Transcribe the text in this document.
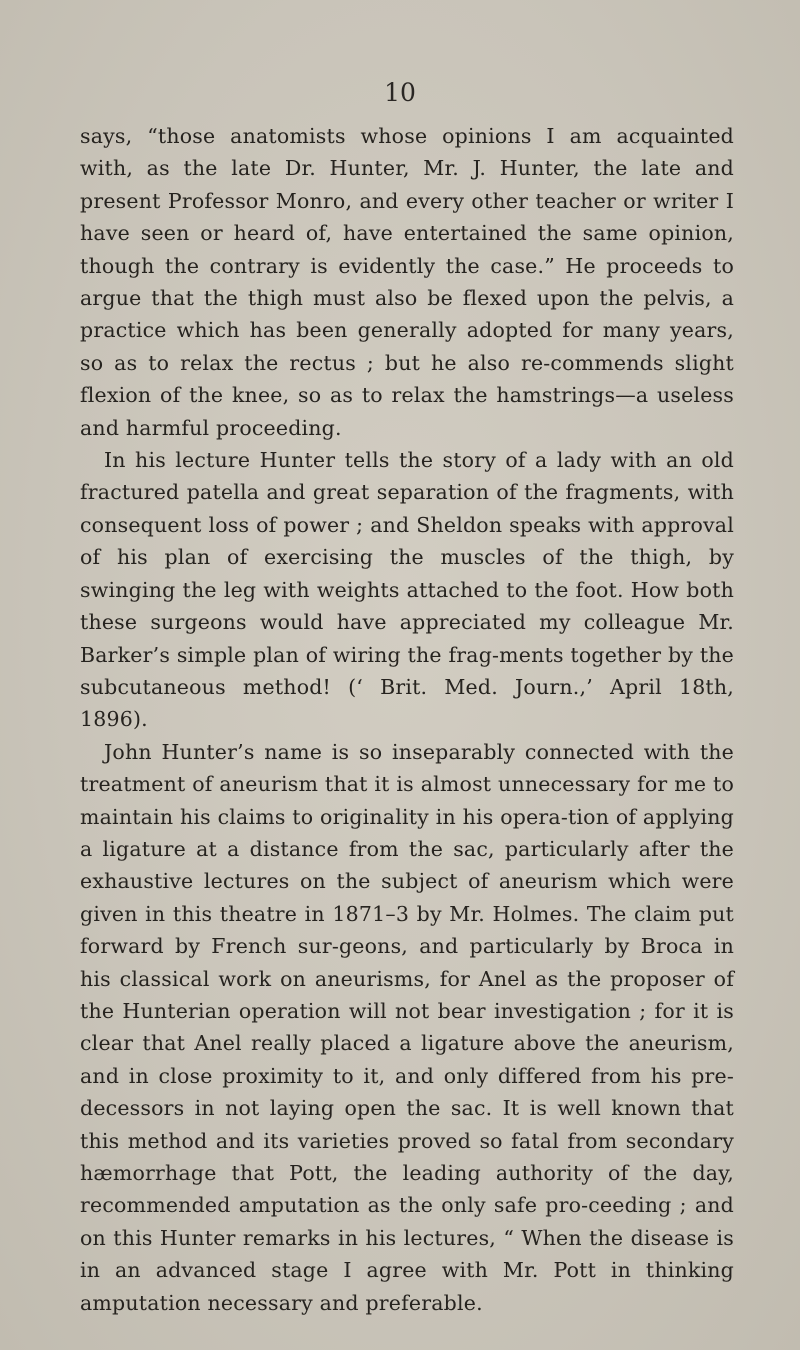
10

says, “those anatomists whose opinions I am acquainted with, as the late Dr. Hunter, Mr. J. Hunter, the late and present Professor Monro, and every other teacher or writer I have seen or heard of, have entertained the same opinion, though the contrary is evidently the case.” He proceeds to argue that the thigh must also be flexed upon the pelvis, a practice which has been generally adopted for many years, so as to relax the rectus ; but he also re-commends slight flexion of the knee, so as to relax the hamstrings—a useless and harmful proceeding.

In his lecture Hunter tells the story of a lady with an old fractured patella and great separation of the fragments, with consequent loss of power ; and Sheldon speaks with approval of his plan of exercising the muscles of the thigh, by swinging the leg with weights attached to the foot. How both these surgeons would have appreciated my colleague Mr. Barker’s simple plan of wiring the frag-ments together by the subcutaneous method! (‘ Brit. Med. Journ.,’ April 18th, 1896).

John Hunter’s name is so inseparably connected with the treatment of aneurism that it is almost unnecessary for me to maintain his claims to originality in his opera-tion of applying a ligature at a distance from the sac, particularly after the exhaustive lectures on the subject of aneurism which were given in this theatre in 1871–3 by Mr. Holmes. The claim put forward by French sur-geons, and particularly by Broca in his classical work on aneurisms, for Anel as the proposer of the Hunterian operation will not bear investigation ; for it is clear that Anel really placed a ligature above the aneurism, and in close proximity to it, and only differed from his pre-decessors in not laying open the sac. It is well known that this method and its varieties proved so fatal from secondary hæmorrhage that Pott, the leading authority of the day, recommended amputation as the only safe pro-ceeding ; and on this Hunter remarks in his lectures, “ When the disease is in an advanced stage I agree with Mr. Pott in thinking amputation necessary and preferable.
